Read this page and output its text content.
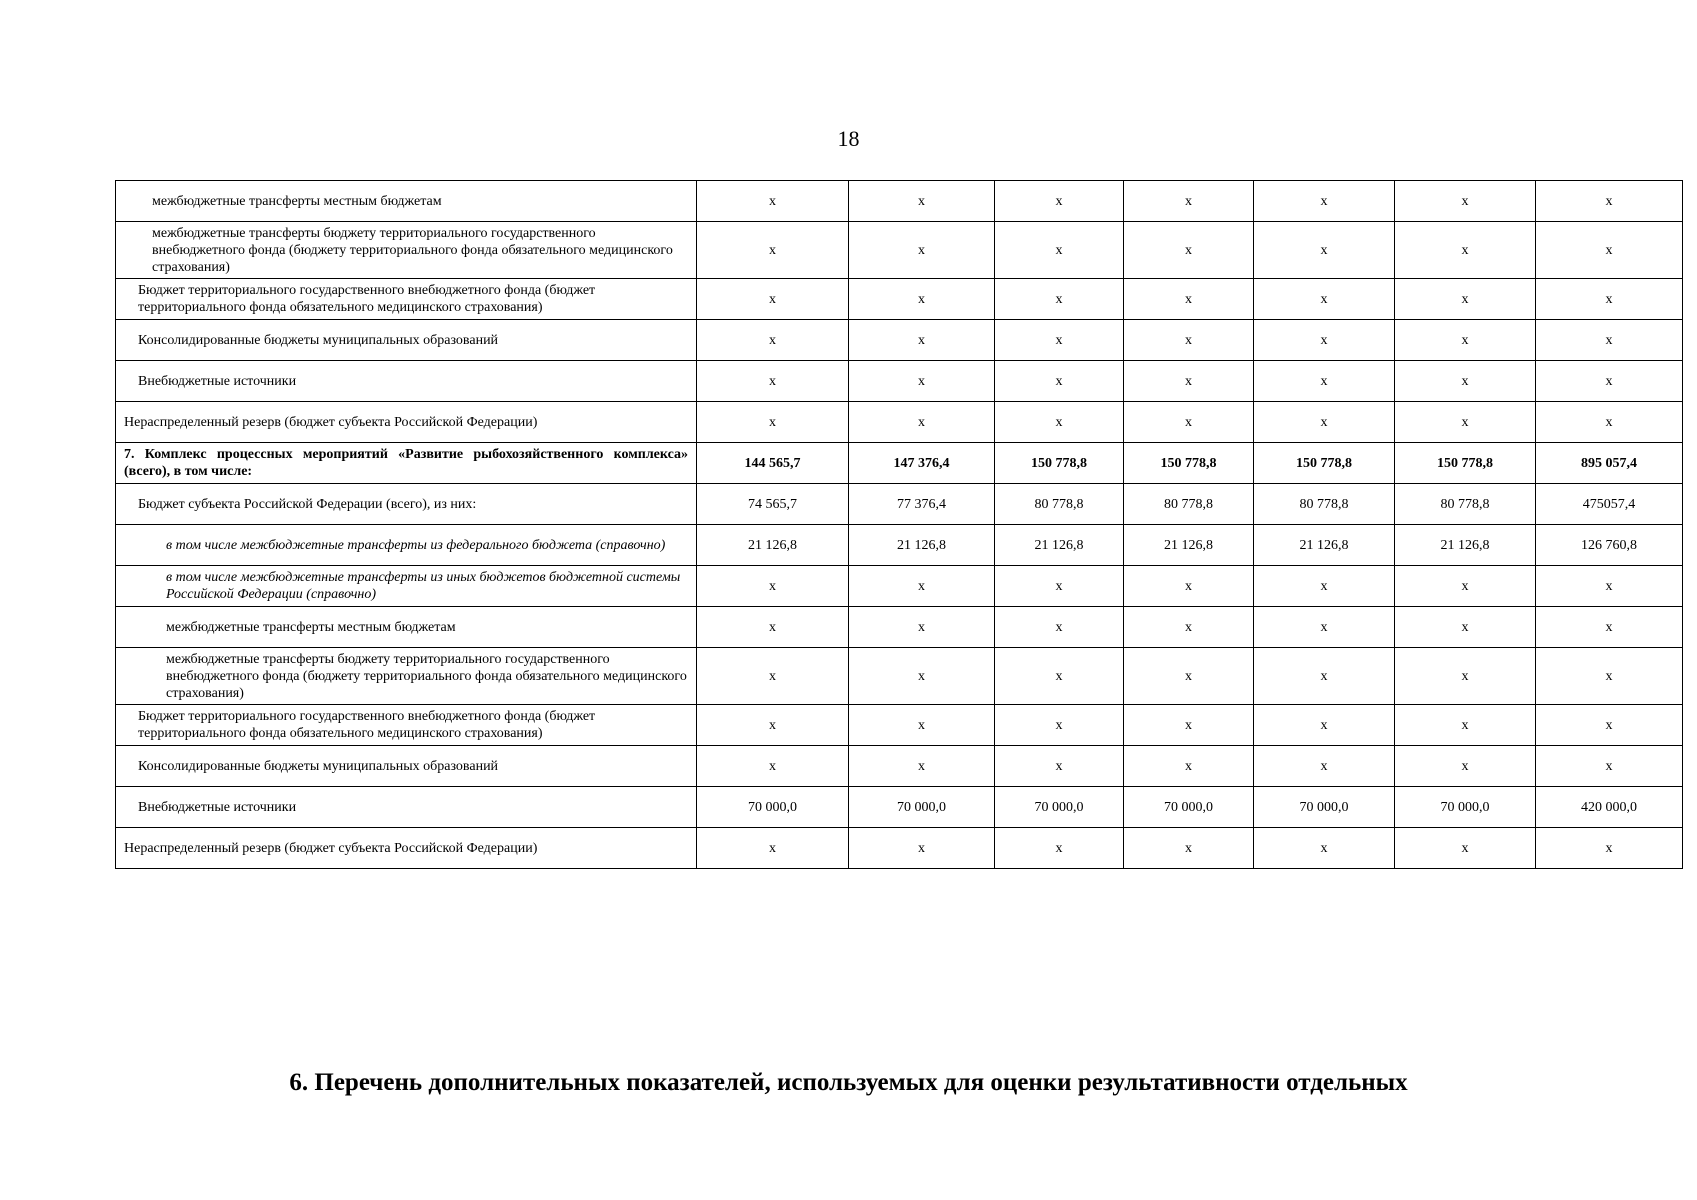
18
межбюджетные трансферты местным бюджетам	х	х	х	х	х	х	х
межбюджетные трансферты бюджету территориального государственного внебюджетного фонда (бюджету территориального фонда обязательного медицинского страхования)	х	х	х	х	х	х	х
Бюджет территориального государственного внебюджетного фонда (бюджет территориального фонда обязательного медицинского страхования)	х	х	х	х	х	х	х
Консолидированные бюджеты муниципальных образований	х	х	х	х	х	х	х
Внебюджетные источники	х	х	х	х	х	х	х
Нераспределенный резерв (бюджет субъекта Российской Федерации)	х	х	х	х	х	х	х
7. Комплекс процессных мероприятий «Развитие рыбохозяйственного комплекса» (всего), в том числе:	144 565,7	147 376,4	150 778,8	150 778,8	150 778,8	150 778,8	895 057,4
Бюджет субъекта Российской Федерации (всего), из них:	74 565,7	77 376,4	80 778,8	80 778,8	80 778,8	80 778,8	475057,4
в том числе межбюджетные трансферты из федерального бюджета (справочно)	21 126,8	21 126,8	21 126,8	21 126,8	21 126,8	21 126,8	126 760,8
в том числе межбюджетные трансферты из иных бюджетов бюджетной системы Российской Федерации (справочно)	х	х	х	х	х	х	х
межбюджетные трансферты местным бюджетам	х	х	х	х	х	х	х
межбюджетные трансферты бюджету территориального государственного внебюджетного фонда (бюджету территориального фонда обязательного медицинского страхования)	х	х	х	х	х	х	х
Бюджет территориального государственного внебюджетного фонда (бюджет территориального фонда обязательного медицинского страхования)	х	х	х	х	х	х	х
Консолидированные бюджеты муниципальных образований	х	х	х	х	х	х	х
Внебюджетные источники	70 000,0	70 000,0	70 000,0	70 000,0	70 000,0	70 000,0	420 000,0
Нераспределенный резерв (бюджет субъекта Российской Федерации)	х	х	х	х	х	х	х
6. Перечень дополнительных показателей, используемых для оценки результативности отдельных
